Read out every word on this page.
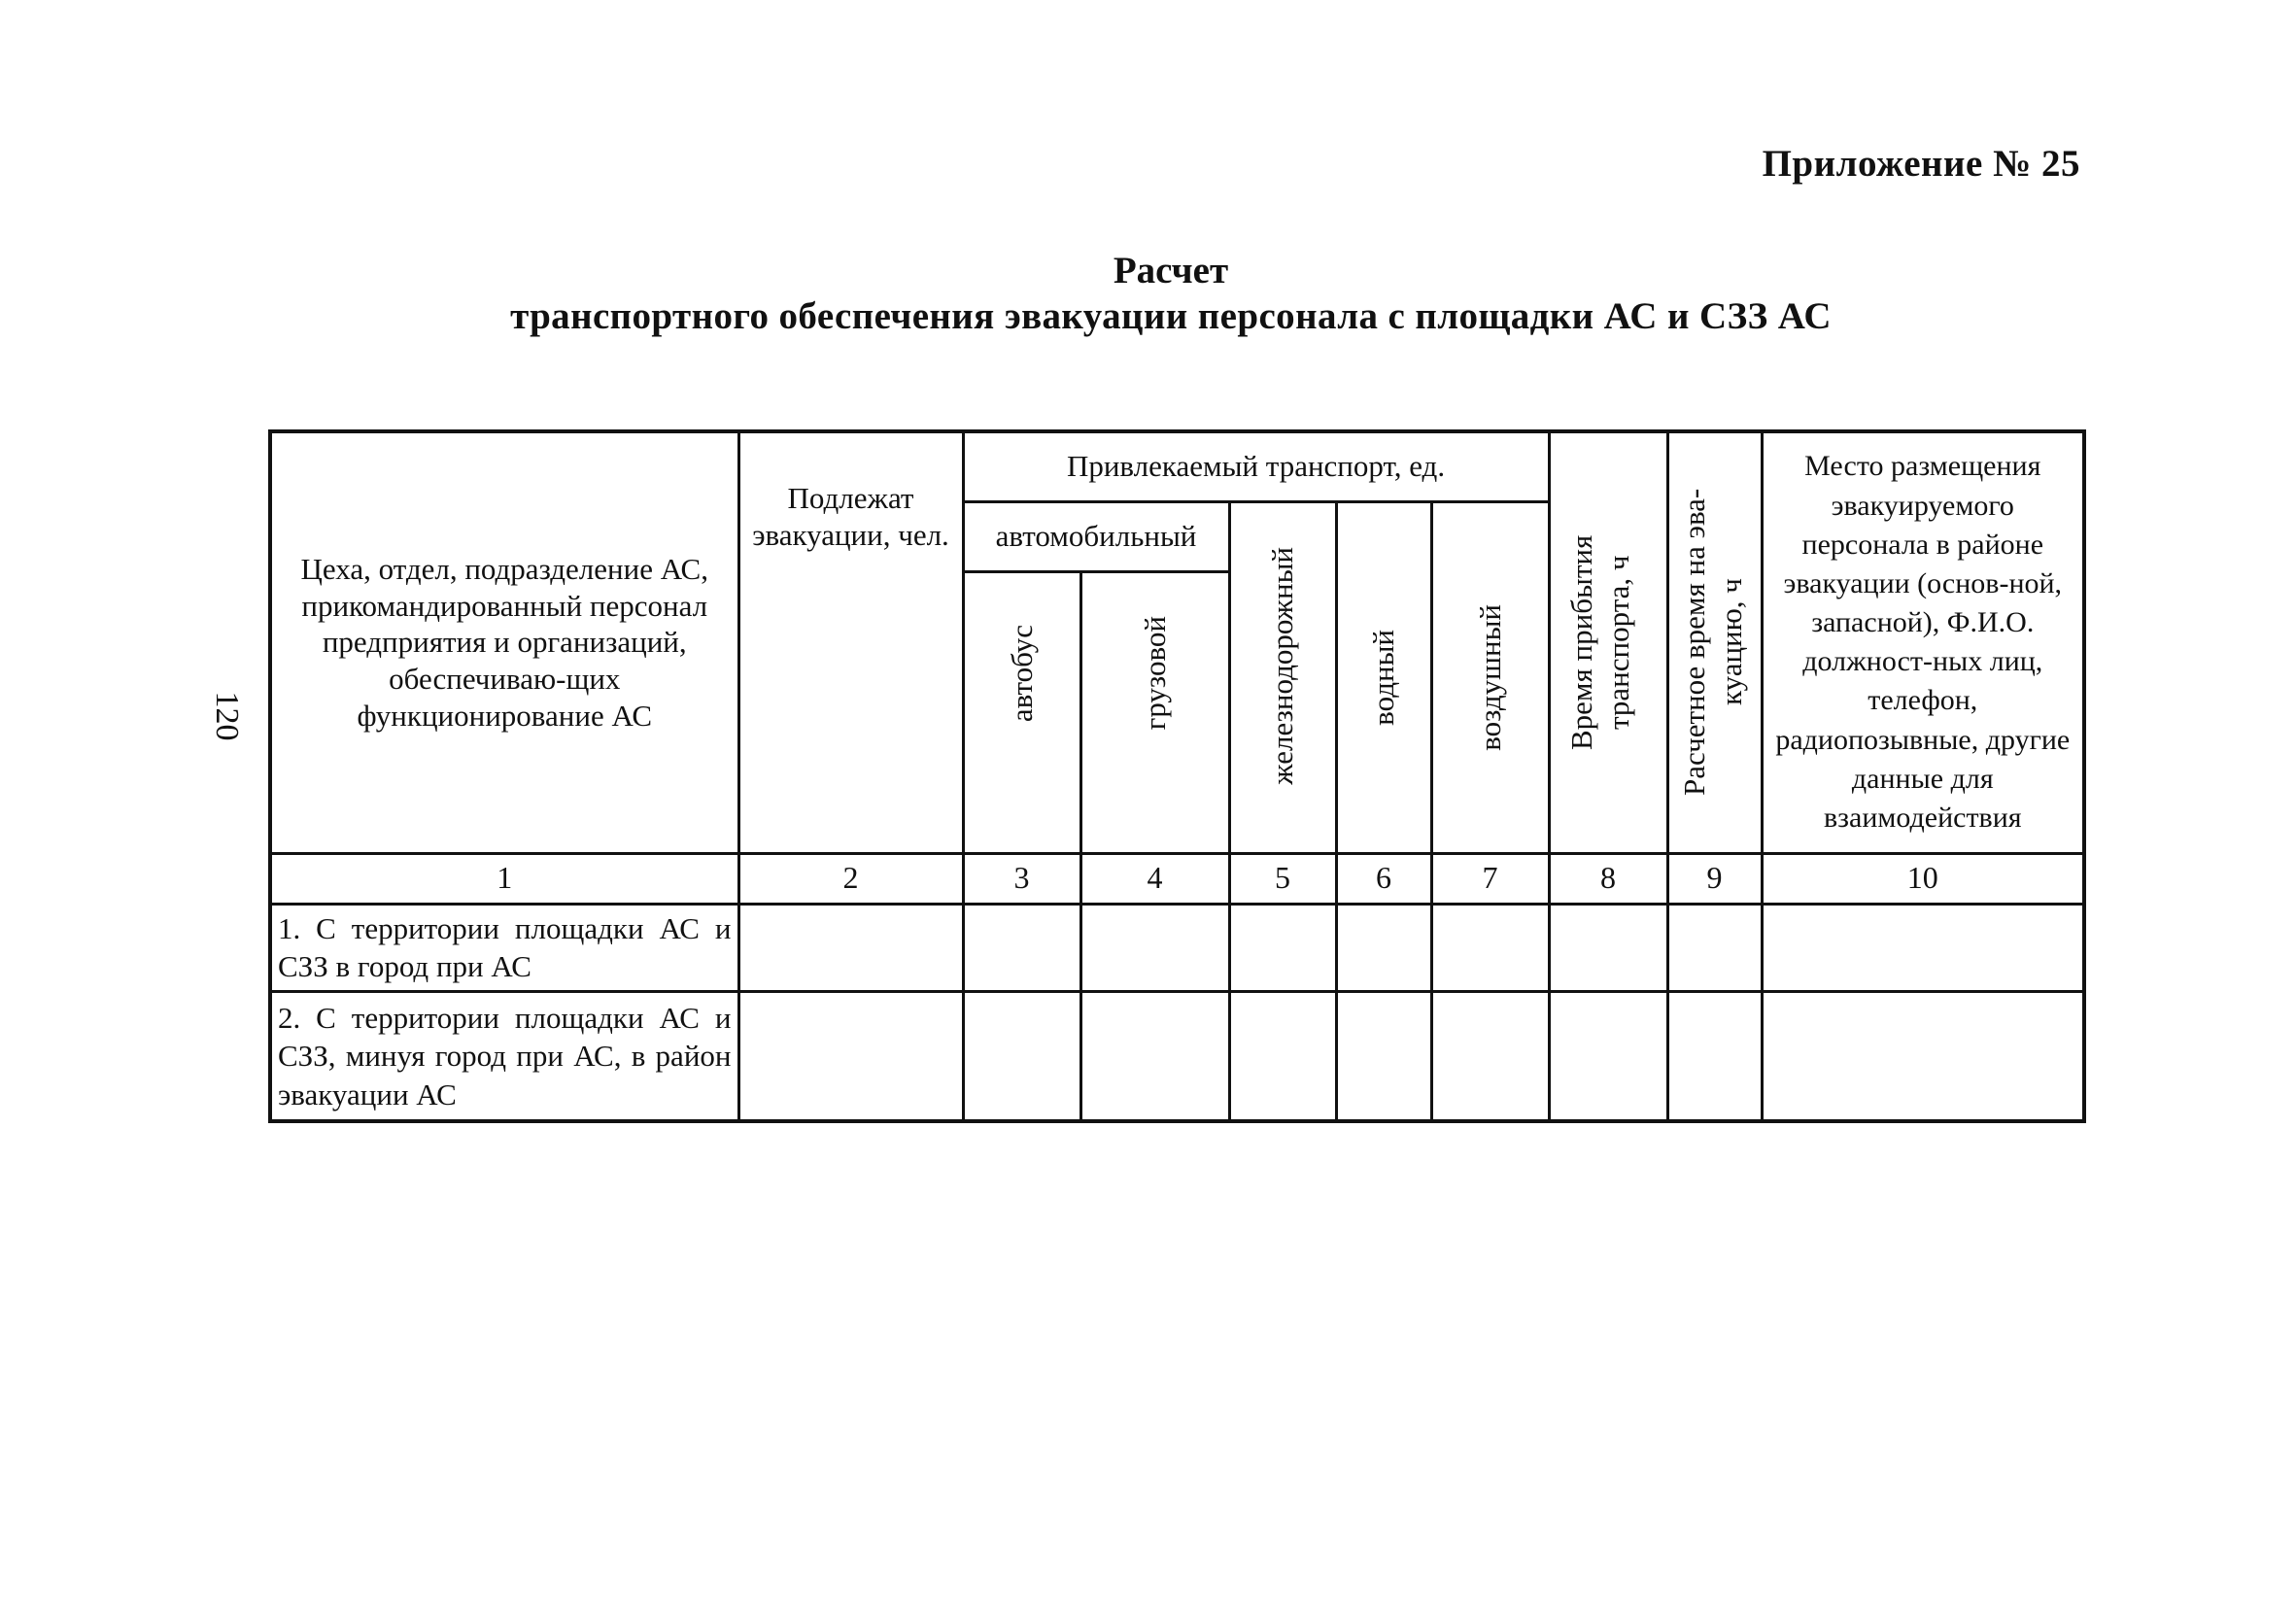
Приложение № 25
Расчет
транспортного обеспечения эвакуации персонала с площадки АС и СЗЗ АС
120
Цеха, отдел, подразделение АС, прикомандированный персонал предприятия и организаций, обеспечиваю-щих функционирование АС	Подлежат эвакуации, чел.	Привлекаемый транспорт, ед.					Время прибытия транспорта, ч	Расчетное время на эва-куацию, ч	Место размещения эвакуируемого персонала в районе эвакуации (основ-ной, запасной), Ф.И.О. должност-ных лиц, телефон, радиопозывные, другие данные для взаимодействия
		автомобильный		железнодорожный	водный	воздушный			

		автобус	грузовой						

1	2	3	4	5	6	7	8	9	10
1. С территории площадки АС и СЗЗ в город при АС									
2. С территории площадки АС и СЗЗ, минуя город при АС, в район эвакуации АС									
